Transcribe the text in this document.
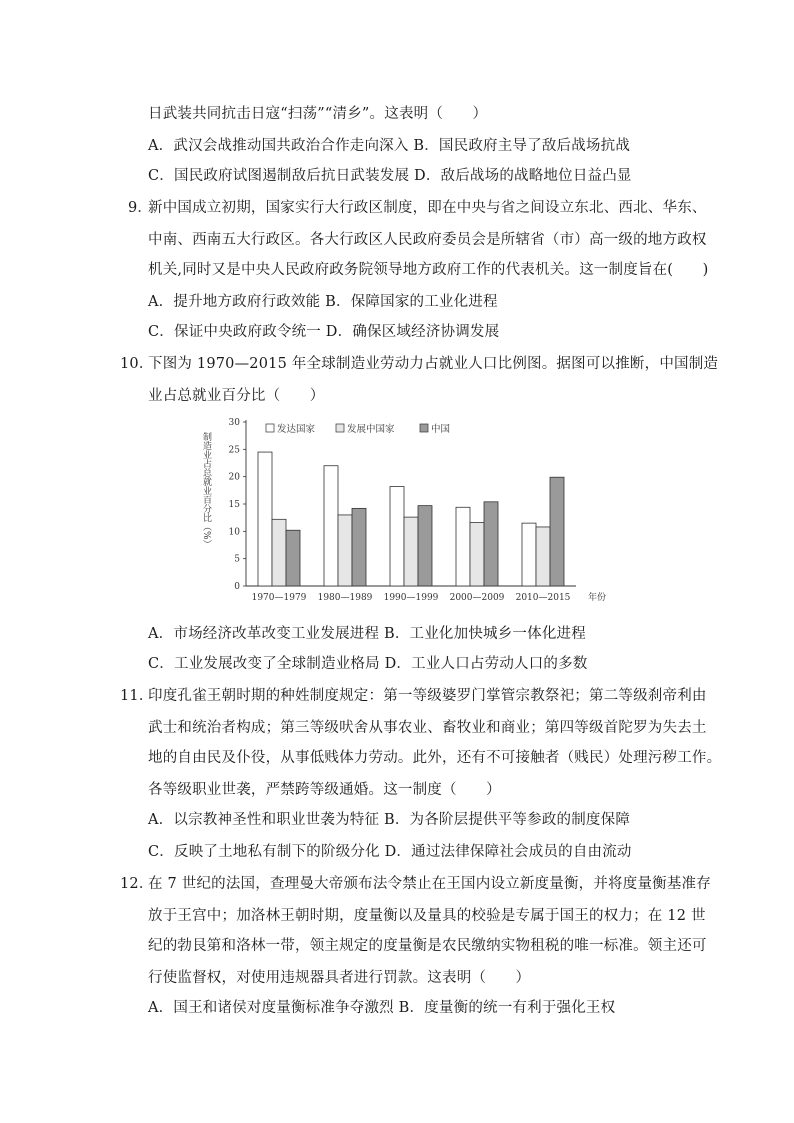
日武装共同抗击日寇“扫荡”“清乡”。这表明（　　）
A．武汉会战推动国共政治合作走向深入 B．国民政府主导了敌后战场抗战
C．国民政府试图遏制敌后抗日武装发展 D．敌后战场的战略地位日益凸显
9．
新中国成立初期，国家实行大行政区制度，即在中央与省之间设立东北、西北、华东、
中南、西南五大行政区。各大行政区人民政府委员会是所辖省（市）高一级的地方政权
机关,同时又是中央人民政府政务院领导地方政府工作的代表机关。这一制度旨在(　　)
A．提升地方政府行政效能 B．保障国家的工业化进程
C．保证中央政府政令统一 D．确保区域经济协调发展
10．
下图为 1970—2015 年全球制造业劳动力占就业人口比例图。据图可以推断，中国制造
业占总就业百分比（　　）
制造业占总就业百分比（%）
0
5
10
15
20
25
30
1970—1979 1980—1989 1990—1999 2000—2009 2010—2015 年份
发达国家	发展中国家	中国
A．市场经济改革改变工业发展进程 B．工业化加快城乡一体化进程
C．工业发展改变了全球制造业格局 D．工业人口占劳动人口的多数
11．
印度孔雀王朝时期的种姓制度规定：第一等级婆罗门掌管宗教祭祀；第二等级刹帝利由
武士和统治者构成；第三等级吠舍从事农业、畜牧业和商业；第四等级首陀罗为失去土
地的自由民及仆役，从事低贱体力劳动。此外，还有不可接触者（贱民）处理污秽工作。
各等级职业世袭，严禁跨等级通婚。这一制度（　　）
A．以宗教神圣性和职业世袭为特征 B．为各阶层提供平等参政的制度保障
C．反映了土地私有制下的阶级分化 D．通过法律保障社会成员的自由流动
12．
在 7 世纪的法国，查理曼大帝颁布法令禁止在王国内设立新度量衡，并将度量衡基准存
放于王宫中；加洛林王朝时期，度量衡以及量具的校验是专属于国王的权力；在 12 世
纪的勃艮第和洛林一带，领主规定的度量衡是农民缴纳实物租税的唯一标准。领主还可
行使监督权，对使用违规器具者进行罚款。这表明（　　）
A．国王和诸侯对度量衡标准争夺激烈 B．度量衡的统一有利于强化王权
